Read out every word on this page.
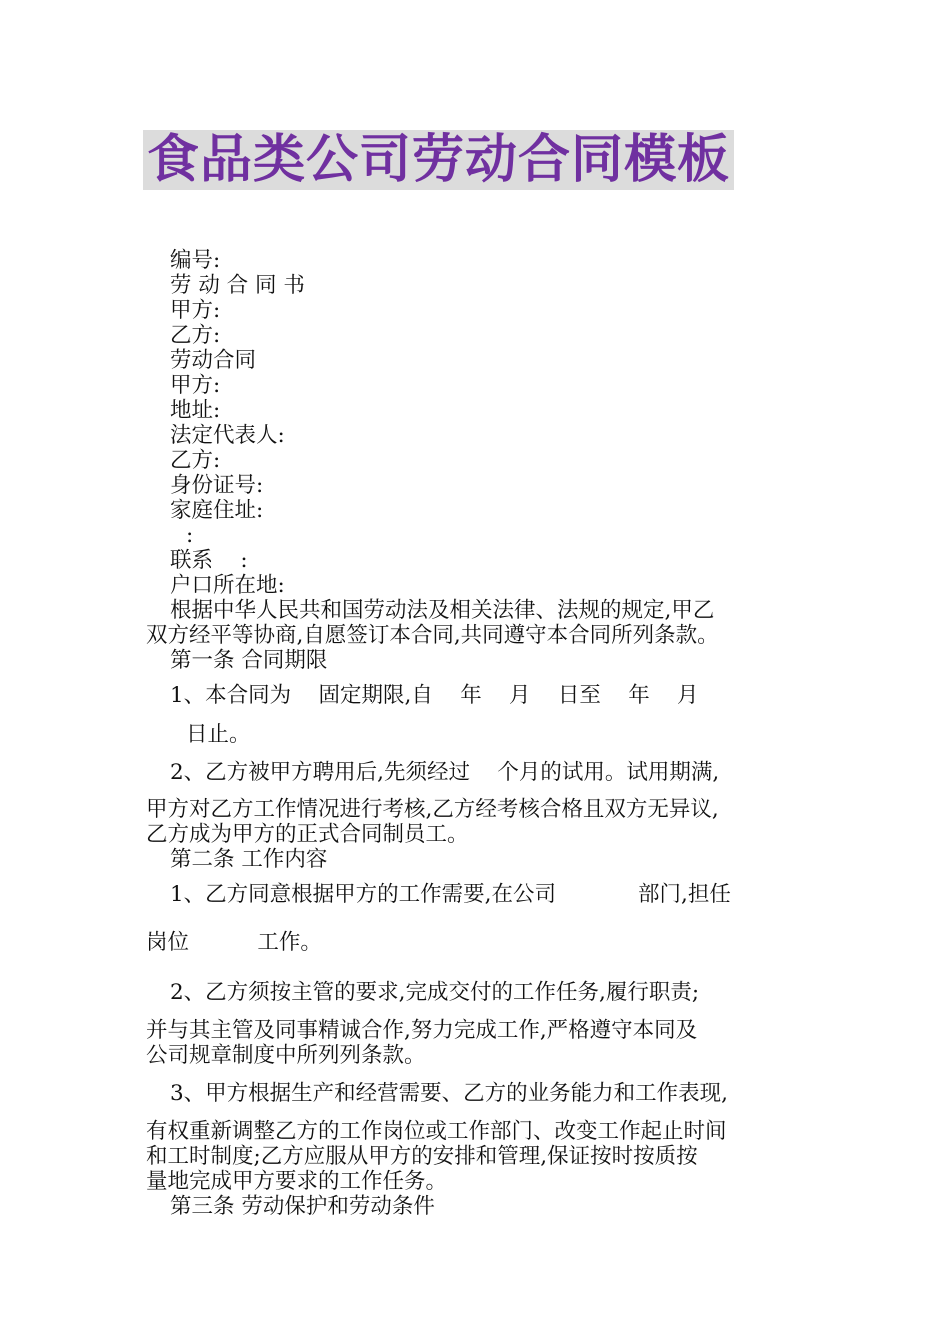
食品类公司劳动合同模板
编号:
劳 动 合 同 书
甲方:
乙方:
劳动合同
甲方:
地址:
法定代表人:
乙方:
身份证号:
家庭住址:
:
联系    :
户口所在地:
根据中华人民共和国劳动法及相关法律、法规的规定,甲乙
双方经平等协商,自愿签订本合同,共同遵守本合同所列条款。
第一条 合同期限
1、本合同为    固定期限,自    年    月    日至    年    月
日止。
2、乙方被甲方聘用后,先须经过    个月的试用。试用期满,
甲方对乙方工作情况进行考核,乙方经考核合格且双方无异议,
乙方成为甲方的正式合同制员工。
第二条 工作内容
1、乙方同意根据甲方的工作需要,在公司            部门,担任
岗位          工作。
2、乙方须按主管的要求,完成交付的工作任务,履行职责;
并与其主管及同事精诚合作,努力完成工作,严格遵守本同及
公司规章制度中所列列条款。
3、甲方根据生产和经营需要、乙方的业务能力和工作表现,
有权重新调整乙方的工作岗位或工作部门、改变工作起止时间
和工时制度;乙方应服从甲方的安排和管理,保证按时按质按
量地完成甲方要求的工作任务。
第三条 劳动保护和劳动条件
